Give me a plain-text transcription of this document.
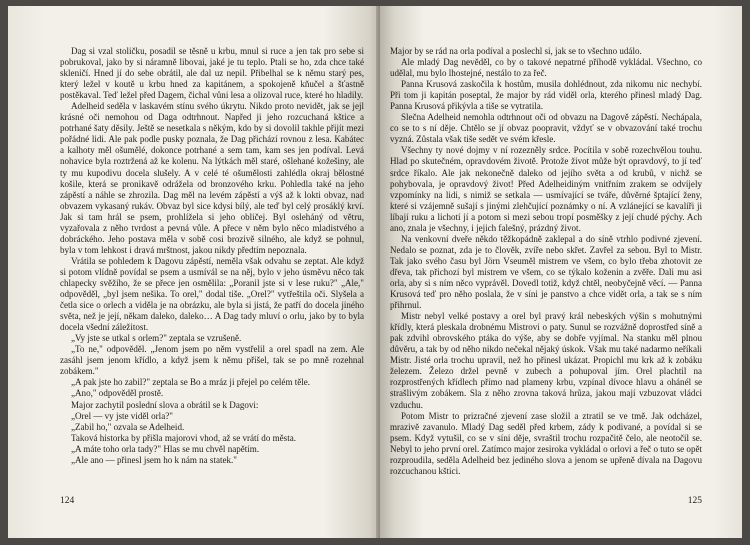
Dag si vzal stoličku, posadil se těsně u krbu, mnul si ruce a jen tak pro sebe si pobrukoval, jako by si náramně libovai, jaké je tu teplo. Ptali se ho, zda chce také skleničí. Hned jí do sebe obrátil, ale dal uz nepil. Přibelhal se k němu starý pes, který ležel v koutě u krbu hned za kapitánem, a spokojeně kňučel a šťastně postěkaval. Teď ležel před Dagem, čichal vůni lesa a olizoval ruce, které ho hladily.

Adelheid seděla v laskavém stínu svého úkrytu. Nikdo proto nevidět, jak se jejl krásné oči nemohou od Daga odtrhnout. Napřed ji jeho rozcuchaná kštice a potrhané šaty děsily. Ještě se nesetkala s někým, kdo by si dovolil takhle přijít mezi pořádné lidi. Ale pak podle pusky poznala, že Dag přichází rovnou z lesa. Kabátec a kalhoty měl ošumělé, dokonce potrhané a sem tam, kam ses jen podíval. Levá nohavice byla roztržená až ke kolenu. Na lýtkách měl staré, ošlehané kožešiny, ale ty mu kupodivu docela slušely. A v celé té ošumělosti zahlédla okraj bělostné košile, která se pronikavě odrážela od bronzového krku. Pohledla také na jeho zápěstí a náhle se zhrozila. Dag měl na levém zápěstí a výš až k lokti obvaz, nad obvazem vykasaný rukáv. Obvaz byl sice kdysi bílý, ale teď byl celý prosáklý krví. Jak si tam hrál se psem, prohlížela si jeho obličej. Byl osleháný od větru, vyzařovala z něho tvrdost a pevná vůle. A přece v něm bylo něco mladistvého a dobráckého. Jeho postava měla v sobě cosi brozivě silného, ale když se pohnul, byla v tom lehkost i dravá mrštnost, jakou nikdy předtím nepoznala.

Vrátila se pohledem k Dagovu zápěstí, neměla však odvahu se zeptat. Ale když si potom vlídně povídal se psem a usmívál se na něj, bylo v jeho úsměvu něco tak chlapecky svěžího, že se přece jen osmělila: „Poranil jste si v lese ruku?" „Ale," odpověděl, „byl jsem nešika. To orel," dodal tiše. „Orel?" vytřeštila oči. Slyšela a četla sice o orlech a viděla je na obrázku, ale byla si jistá, že patří do docela jiného světa, než je její, někam daleko, daleko… A Dag tady mluví o orlu, jako by to byla docela všední záležitost.

„Vy jste se utkal s orlem?" zeptala se vzrušeně.

„To ne," odpověděl. „Jenom jsem po něm vystřelil a orel spadl na zem. Ale zasáhl jsem jenom křídlo, a když jsem k němu přišel, tak se po mně rozehnal zobákem."

„A pak jste ho zabil?" zeptala se Bo a mráz ji přejel po celém těle.

„Ano," odpověděl prostě.

Major zachytil poslední slova a obrátil se k Dagovi:

„Orel — vy jste viděl orla?"

„Zabil ho," ozvala se Adelheid.

Taková historka by přišla majorovi vhod, až se vrátí do města.

„A máte toho orla tady?" Hlas se mu chvěl napětím.

„Ale ano — přinesl jsem ho k nám na statek."

124

Major by se rád na orla podíval a poslechl si, jak se to všechno událo.

Ale mladý Dag nevěděl, co by o takové nepatrné příhodě vykládal. Všechno, co udělal, mu bylo lhostejné, nestálo to za řeč.

Panna Krusová zaskočila k hostům, musila dohlédnout, zda nikomu nic nechybí. Při tom ji kapitán poseptal, že major by rád viděl orla, kterého přinesl mladý Dag. Panna Krusová přikývla a tiše se vytratila.

Slečna Adelheid nemohla odtrhnout oči od obvazu na Dagově zápěstí. Nechápala, co se to s ní děje. Chtělo se jí obvaz poopravit, vždyť se v obvazování také trochu vyzná. Zůstala však tiše sedět ve svém křesle.

Všechny ty nové dojmy v ní rozezněly srdce. Pocítila v sobě rozechvělou touhu. Hlad po skutečném, opravdovém životě. Protože život může být opravdový, to jí teď srdce říkalo. Ale jak nekonečně daleko od jejího světa a od krubů, v nichž se pohybovala, je opravdový život! Před Adelheidiným vnitřním zrakem se odvíjely vzpomínky na lidi, s nimiž se setkala — usmívající se tváře, důvěrné šptající ženy, které si vzájemně sušají s jinými zlehčující poznámky o ní. A vzlánející se kavalíři ji líbají ruku a lichotí jí a potom si mezi sebou tropí posměšky z její chudé pýchy. Ach ano, znala je všechny, i jejich falešný, prázdný život.

Na venkovní dveře někdo těžkopádně zaklepal a do síně vtrhlo podivné zjevení. Nedalo se poznat, zda je to člověk, zvíře nebo skřet. Zavřel za sebou. Byl to Mistr. Tak jako svého času byl Jörn Vseuměl mistrem ve všem, co bylo třeba zhotovit ze dřeva, tak přichozí byl mistrem ve všem, co se týkalo koženin a zvěře. Dali mu asi orla, aby si s ním něco vyprávěl. Dovedl totiž, když chtěl, neobyčejně věcí. — Panna Krusová teď pro něho poslala, že v síni je panstvo a chce vidět orla, a tak se s ním přihrnul.

Mistr nebyl velké postavy a orel byl pravý král nebeských výšin s mohutnými křídly, která pleskala drobnému Mistrovi o paty. Sunul se rozvážně doprostřed síně a pak zdvihl obrovského ptáka do výše, aby se dobře vyjímal. Na stanku měl plnou důvěru, a tak by od něho nikdo nečekal nějaký úskok. Však mu také nadarmo neříkali Mistr. Jisté orla trochu upravil, než ho přinesl ukázat. Propichl mu krk až k zobáku železem. Železo držel pevně v zubech a pohupoval jím. Orel plachtil na rozprostřených křídlech přímo nad plameny krbu, vzpínal dívoce hlavu a ohánél se strašlivým zobákem. Sla z něho zrovna taková hrůza, jakou mají vzbuzovat vládci vzduchu.

Potom Mistr to prizračné zjevení zase složil a ztratil se ve tmě. Jak odcházel, mrazivě zavanulo. Mladý Dag seděl před krbem, zády k podivané, a povídal si se psem. Když vytušil, co se v síni děje, svraštil trochu rozpačitě čelo, ale neotočil se. Nebyl to jeho první orel. Zatímco major zesiroka vykládal o orlovi a řeč o tuto se opět rozproudila, seděla Adelheid bez jediného slova a jenom se upřeně dívala na Dagovu rozcuchanou kštici.

125
